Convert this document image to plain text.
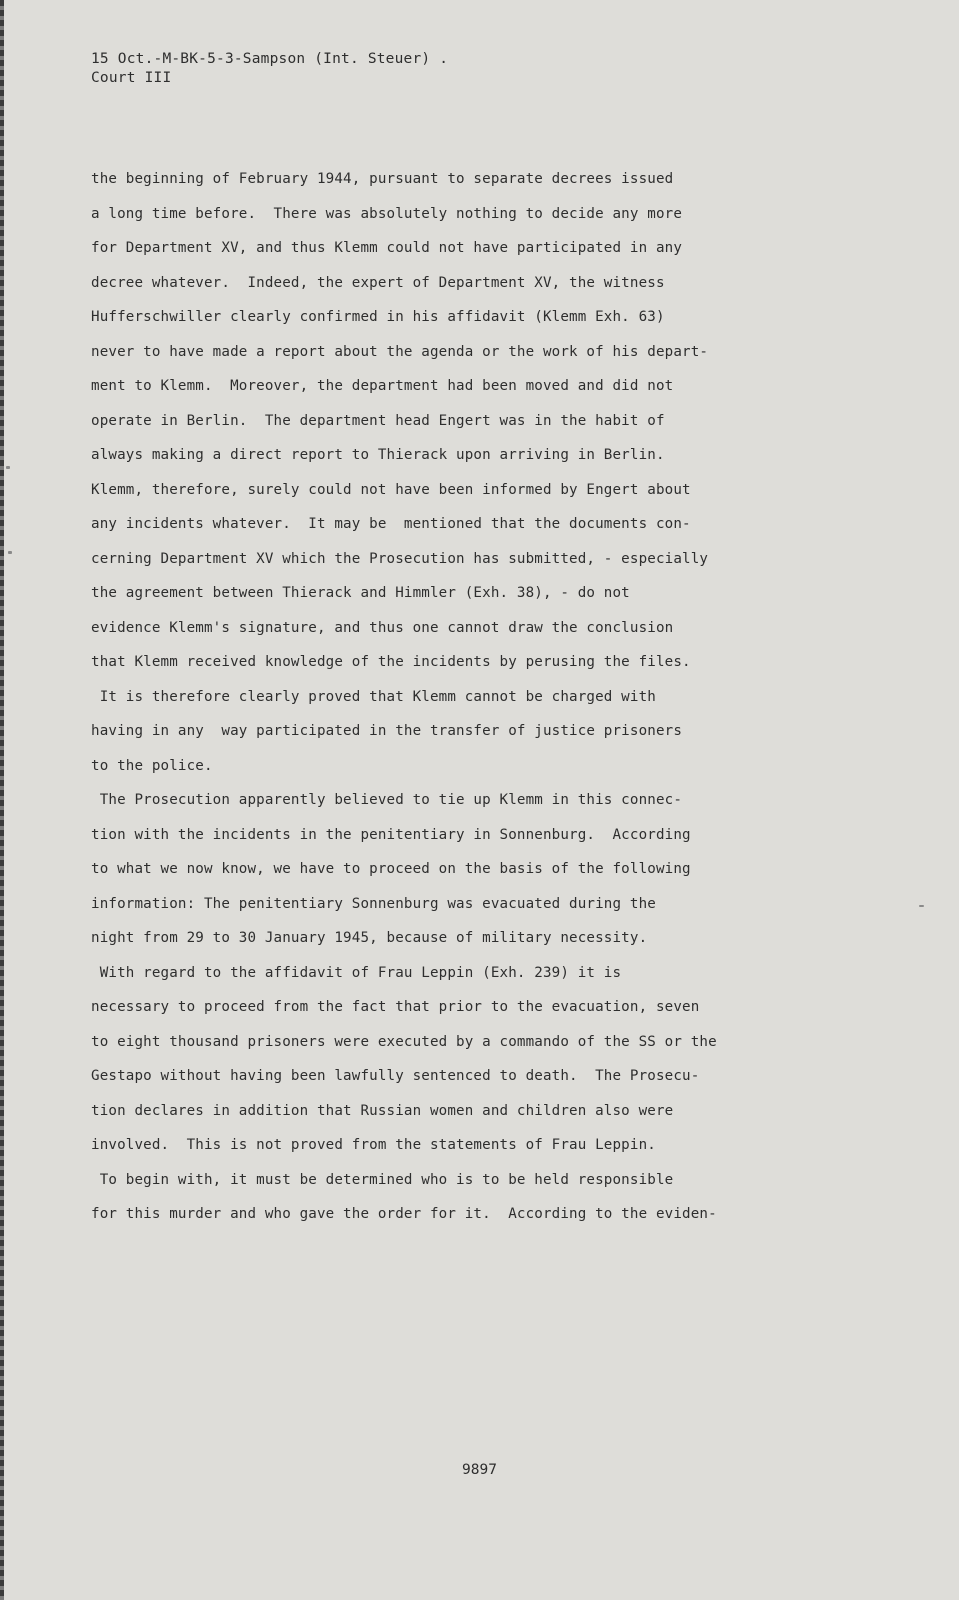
15 Oct.-M-BK-5-3-Sampson (Int. Steuer) .
Court III
the beginning of February 1944, pursuant to separate decrees issued
a long time before.  There was absolutely nothing to decide any more
for Department XV, and thus Klemm could not have participated in any
decree whatever.  Indeed, the expert of Department XV, the witness
Hufferschwiller clearly confirmed in his affidavit (Klemm Exh. 63)
never to have made a report about the agenda or the work of his depart-
ment to Klemm.  Moreover, the department had been moved and did not
operate in Berlin.  The department head Engert was in the habit of
always making a direct report to Thierack upon arriving in Berlin.
Klemm, therefore, surely could not have been informed by Engert about
any incidents whatever.  It may be  mentioned that the documents con-
cerning Department XV which the Prosecution has submitted, - especially
the agreement between Thierack and Himmler (Exh. 38), - do not
evidence Klemm's signature, and thus one cannot draw the conclusion
that Klemm received knowledge of the incidents by perusing the files.
It is therefore clearly proved that Klemm cannot be charged with
having in any  way participated in the transfer of justice prisoners
to the police.
The Prosecution apparently believed to tie up Klemm in this connec-
tion with the incidents in the penitentiary in Sonnenburg.  According
to what we now know, we have to proceed on the basis of the following
information: The penitentiary Sonnenburg was evacuated during the
night from 29 to 30 January 1945, because of military necessity.
With regard to the affidavit of Frau Leppin (Exh. 239) it is
necessary to proceed from the fact that prior to the evacuation, seven
to eight thousand prisoners were executed by a commando of the SS or the
Gestapo without having been lawfully sentenced to death.  The Prosecu-
tion declares in addition that Russian women and children also were
involved.  This is not proved from the statements of Frau Leppin.
To begin with, it must be determined who is to be held responsible
for this murder and who gave the order for it.  According to the eviden-
9897
